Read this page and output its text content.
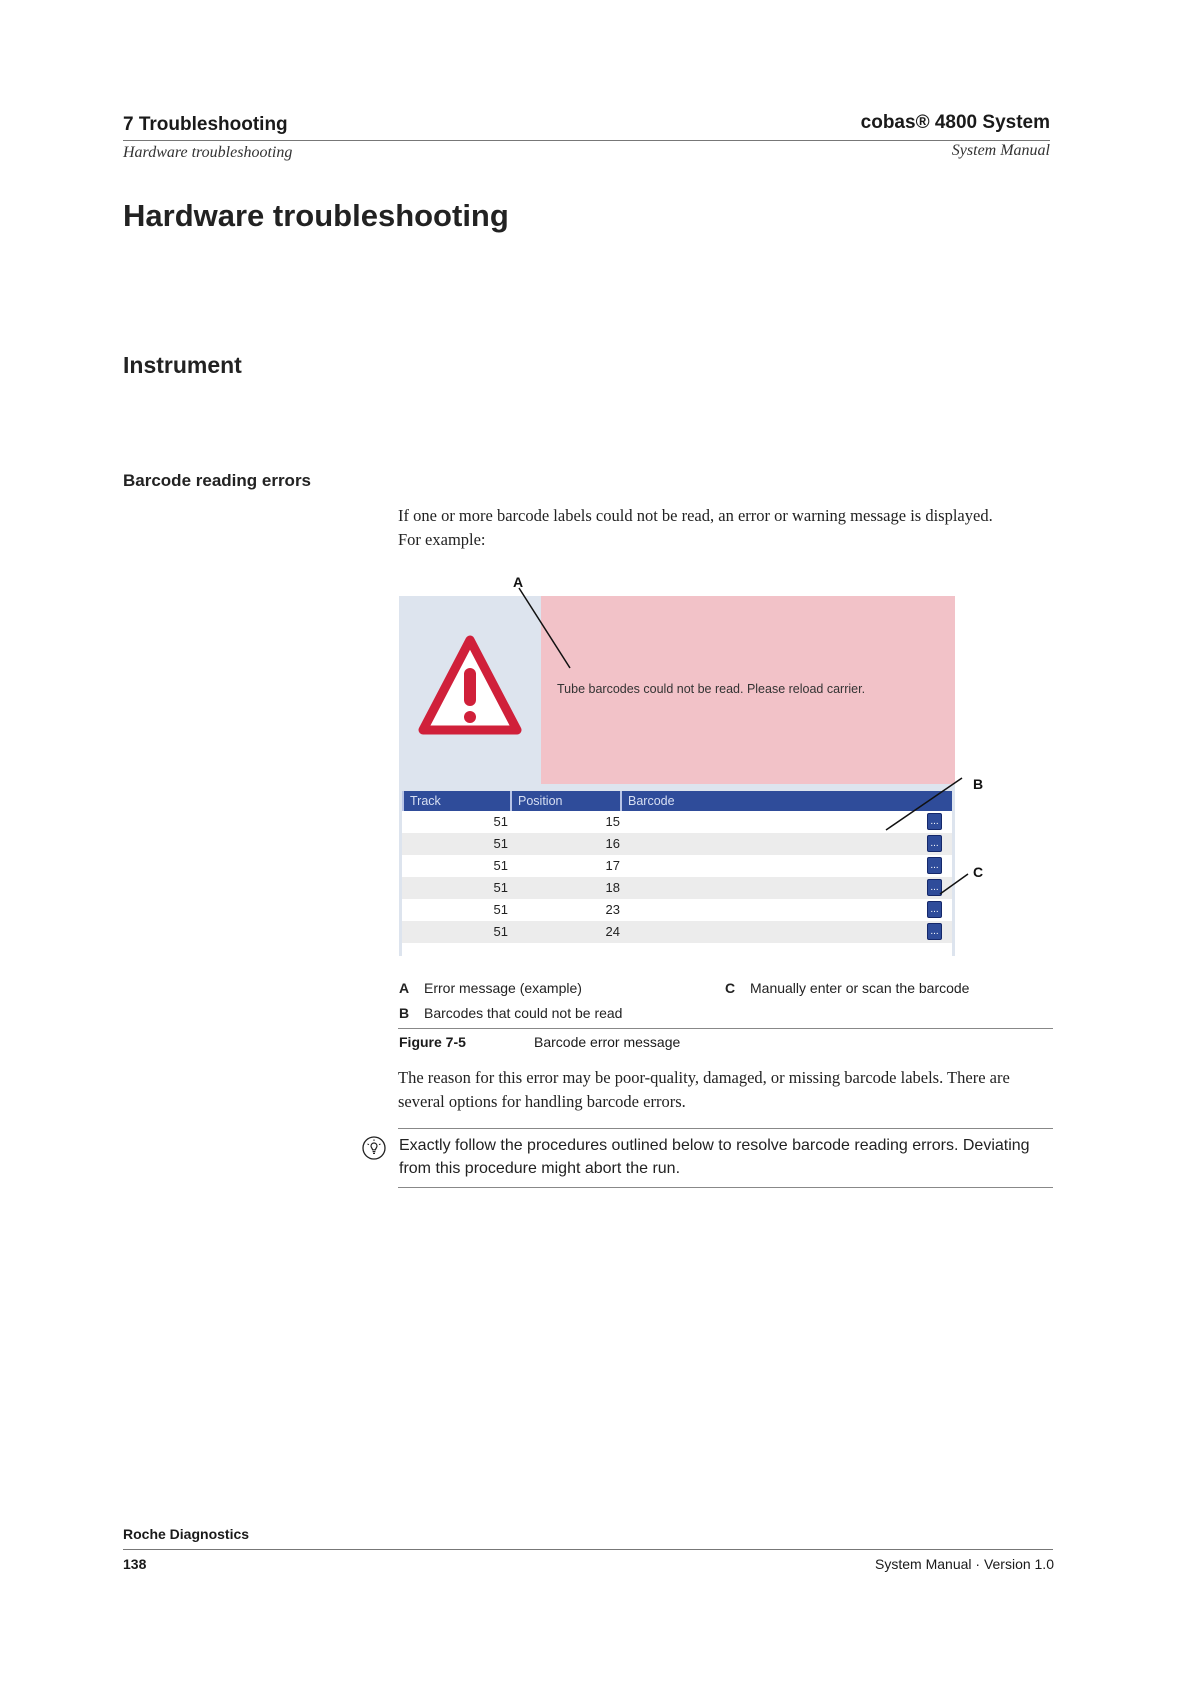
7 Troubleshooting	cobas® 4800 System
Hardware troubleshooting	System Manual
Hardware troubleshooting
Instrument
Barcode reading errors
If one or more barcode labels could not be read, an error or warning message is displayed. For example:
A
Tube barcodes could not be read. Please reload carrier.
Track	Position	Barcode
51	15	...
51	16	...
51	17	...
51	18	...
51	23	...
51	24	...
B
C
A Error message (example)
B Barcodes that could not be read
C Manually enter or scan the barcode
Figure 7-5	Barcode error message
The reason for this error may be poor-quality, damaged, or missing barcode labels. There are several options for handling barcode errors.
Exactly follow the procedures outlined below to resolve barcode reading errors. Deviating from this procedure might abort the run.
Roche Diagnostics
138	System Manual · Version 1.0
